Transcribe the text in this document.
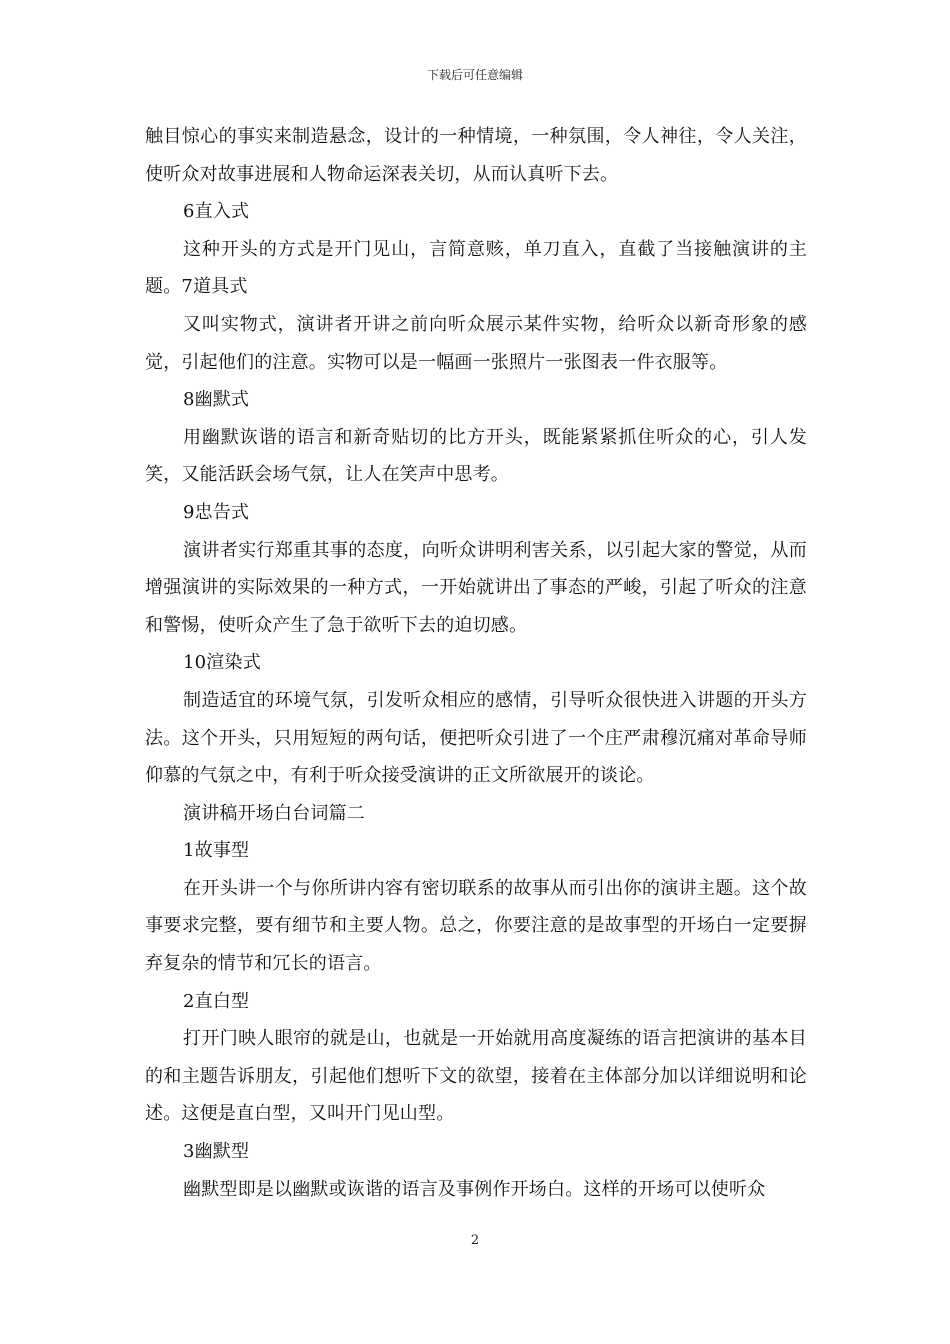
下载后可任意编辑

触目惊心的事实来制造悬念，设计的一种情境，一种氛围，令人神往，令人关注，使听众对故事进展和人物命运深表关切，从而认真听下去。

6直入式

这种开头的方式是开门见山，言简意赅，单刀直入，直截了当接触演讲的主题。7道具式

又叫实物式，演讲者开讲之前向听众展示某件实物，给听众以新奇形象的感觉，引起他们的注意。实物可以是一幅画一张照片一张图表一件衣服等。

8幽默式

用幽默诙谐的语言和新奇贴切的比方开头，既能紧紧抓住听众的心，引人发笑，又能活跃会场气氛，让人在笑声中思考。

9忠告式

演讲者实行郑重其事的态度，向听众讲明利害关系，以引起大家的警觉，从而增强演讲的实际效果的一种方式，一开始就讲出了事态的严峻，引起了听众的注意和警惕，使听众产生了急于欲听下去的迫切感。

10渲染式

制造适宜的环境气氛，引发听众相应的感情，引导听众很快进入讲题的开头方法。这个开头，只用短短的两句话，便把听众引进了一个庄严肃穆沉痛对革命导师仰慕的气氛之中，有利于听众接受演讲的正文所欲展开的谈论。

演讲稿开场白台词篇二

1故事型

在开头讲一个与你所讲内容有密切联系的故事从而引出你的演讲主题。这个故事要求完整，要有细节和主要人物。总之，你要注意的是故事型的开场白一定要摒弃复杂的情节和冗长的语言。

2直白型

打开门映人眼帘的就是山，也就是一开始就用高度凝练的语言把演讲的基本目的和主题告诉朋友，引起他们想听下文的欲望，接着在主体部分加以详细说明和论述。这便是直白型，又叫开门见山型。

3幽默型

幽默型即是以幽默或诙谐的语言及事例作开场白。这样的开场可以使听众

2
